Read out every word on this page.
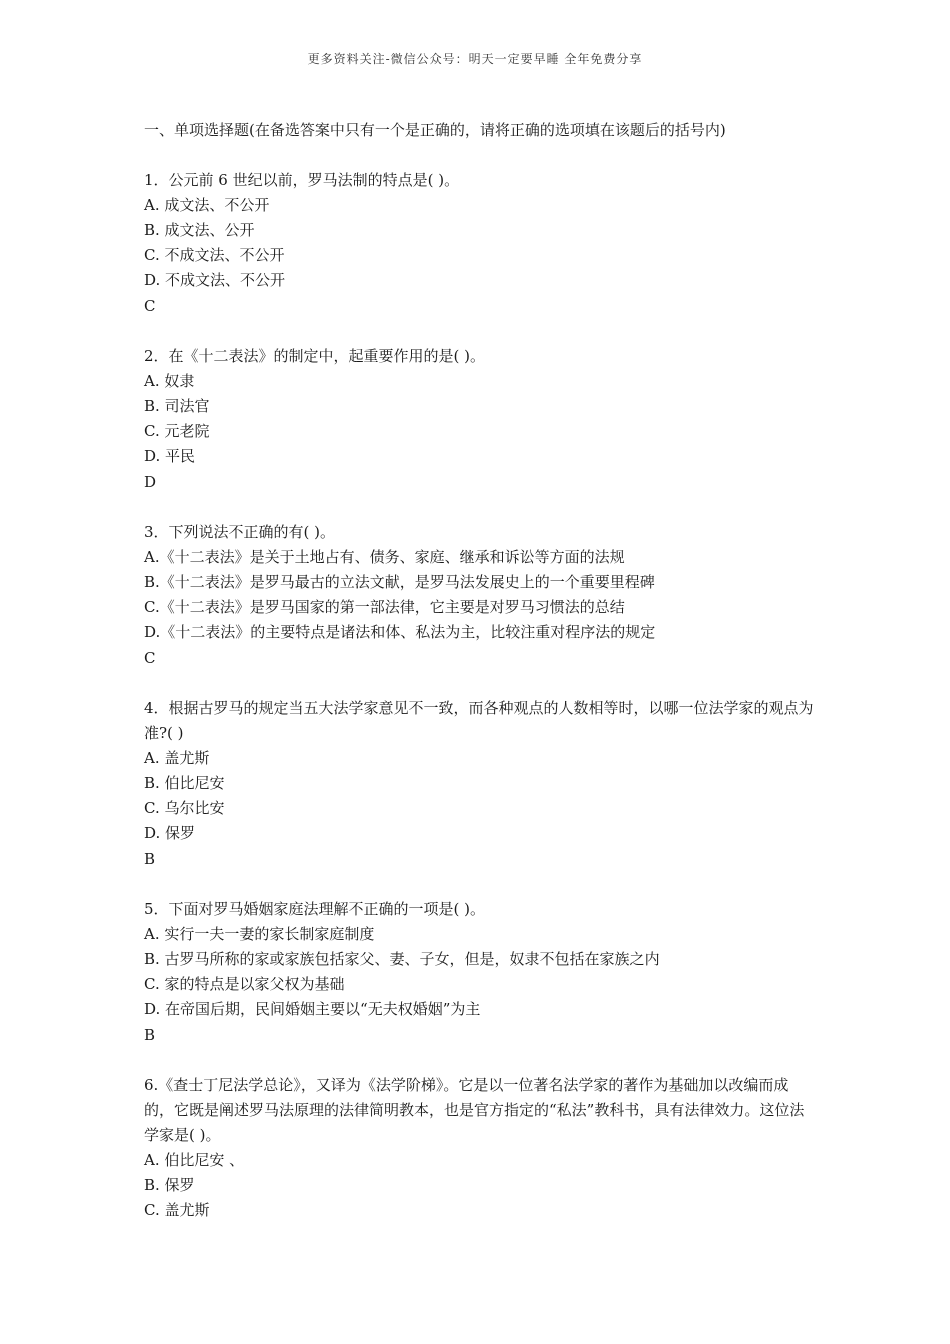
更多资料关注-微信公众号：明天一定要早睡 全年免费分享
一、单项选择题(在备选答案中只有一个是正确的，请将正确的选项填在该题后的括号内)
1．公元前 6 世纪以前，罗马法制的特点是( )。
A. 成文法、不公开
B. 成文法、公开
C. 不成文法、不公开
D. 不成文法、不公开
C
2．在《十二表法》的制定中，起重要作用的是( )。
A. 奴隶
B. 司法官
C. 元老院
D. 平民
D
3．下列说法不正确的有( )。
A.《十二表法》是关于土地占有、债务、家庭、继承和诉讼等方面的法规
B.《十二表法》是罗马最古的立法文献，是罗马法发展史上的一个重要里程碑
C.《十二表法》是罗马国家的第一部法律，它主要是对罗马习惯法的总结
D.《十二表法》的主要特点是诸法和体、私法为主，比较注重对程序法的规定
C
4．根据古罗马的规定当五大法学家意见不一致，而各种观点的人数相等时，以哪一位法学家的观点为准?( )
A. 盖尤斯
B. 伯比尼安
C. 乌尔比安
D. 保罗
B
5．下面对罗马婚姻家庭法理解不正确的一项是( )。
A. 实行一夫一妻的家长制家庭制度
B. 古罗马所称的家或家族包括家父、妻、子女，但是，奴隶不包括在家族之内
C. 家的特点是以家父权为基础
D. 在帝国后期，民间婚姻主要以“无夫权婚姻”为主
B
6.《查士丁尼法学总论》，又译为《法学阶梯》。它是以一位著名法学家的著作为基础加以改编而成的，它既是阐述罗马法原理的法律简明教本，也是官方指定的“私法”教科书，具有法律效力。这位法学家是( )。
A. 伯比尼安 、
B. 保罗
C. 盖尤斯
